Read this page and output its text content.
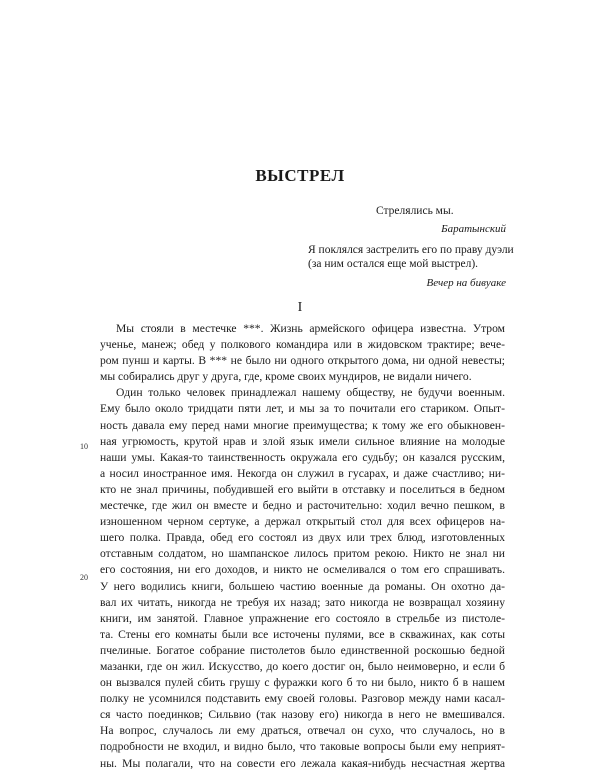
ВЫСТРЕЛ
Стрелялись мы.
Баратынский
Я поклялся застрелить его по праву дуэли
(за ним остался еще мой выстрел).
Вечер на бивуаке
I
10
20
Мы стояли в местечке ***. Жизнь армейского офицера известна. Утром
ученье, манеж; обед у полкового командира или в жидовском трактире; вече-
ром пунш и карты. В *** не было ни одного открытого дома, ни одной невесты;
мы собирались друг у друга, где, кроме своих мундиров, не видали ничего.
Один только человек принадлежал нашему обществу, не будучи военным.
Ему было около тридцати пяти лет, и мы за то почитали его стариком. Опыт-
ность давала ему перед нами многие преимущества; к тому же его обыкновен-
ная угрюмость, крутой нрав и злой язык имели сильное влияние на молодые
наши умы. Какая-то таинственность окружала его судьбу; он казался русским,
а носил иностранное имя. Некогда он служил в гусарах, и даже счастливо; ни-
кто не знал причины, побудившей его выйти в отставку и поселиться в бедном
местечке, где жил он вместе и бедно и расточительно: ходил вечно пешком, в
изношенном черном сертуке, а держал открытый стол для всех офицеров на-
шего полка. Правда, обед его состоял из двух или трех блюд, изготовленных
отставным солдатом, но шампанское лилось притом рекою. Никто не знал ни
его состояния, ни его доходов, и никто не осмеливался о том его спрашивать.
У него водились книги, большею частию военные да романы. Он охотно да-
вал их читать, никогда не требуя их назад; зато никогда не возвращал хозяину
книги, им занятой. Главное упражнение его состояло в стрельбе из пистоле-
та. Стены его комнаты были все источены пулями, все в скважинах, как соты
пчелиные. Богатое собрание пистолетов было единственной роскошью бедной
мазанки, где он жил. Искусство, до коего достиг он, было неимоверно, и если б
он вызвался пулей сбить грушу с фуражки кого б то ни было, никто б в нашем
полку не усомнился подставить ему своей головы. Разговор между нами касал-
ся часто поединков; Сильвио (так назову его) никогда в него не вмешивался.
На вопрос, случалось ли ему драться, отвечал он сухо, что случалось, но в
подробности не входил, и видно было, что таковые вопросы были ему неприят-
ны. Мы полагали, что на совести его лежала какая-нибудь несчастная жертва
